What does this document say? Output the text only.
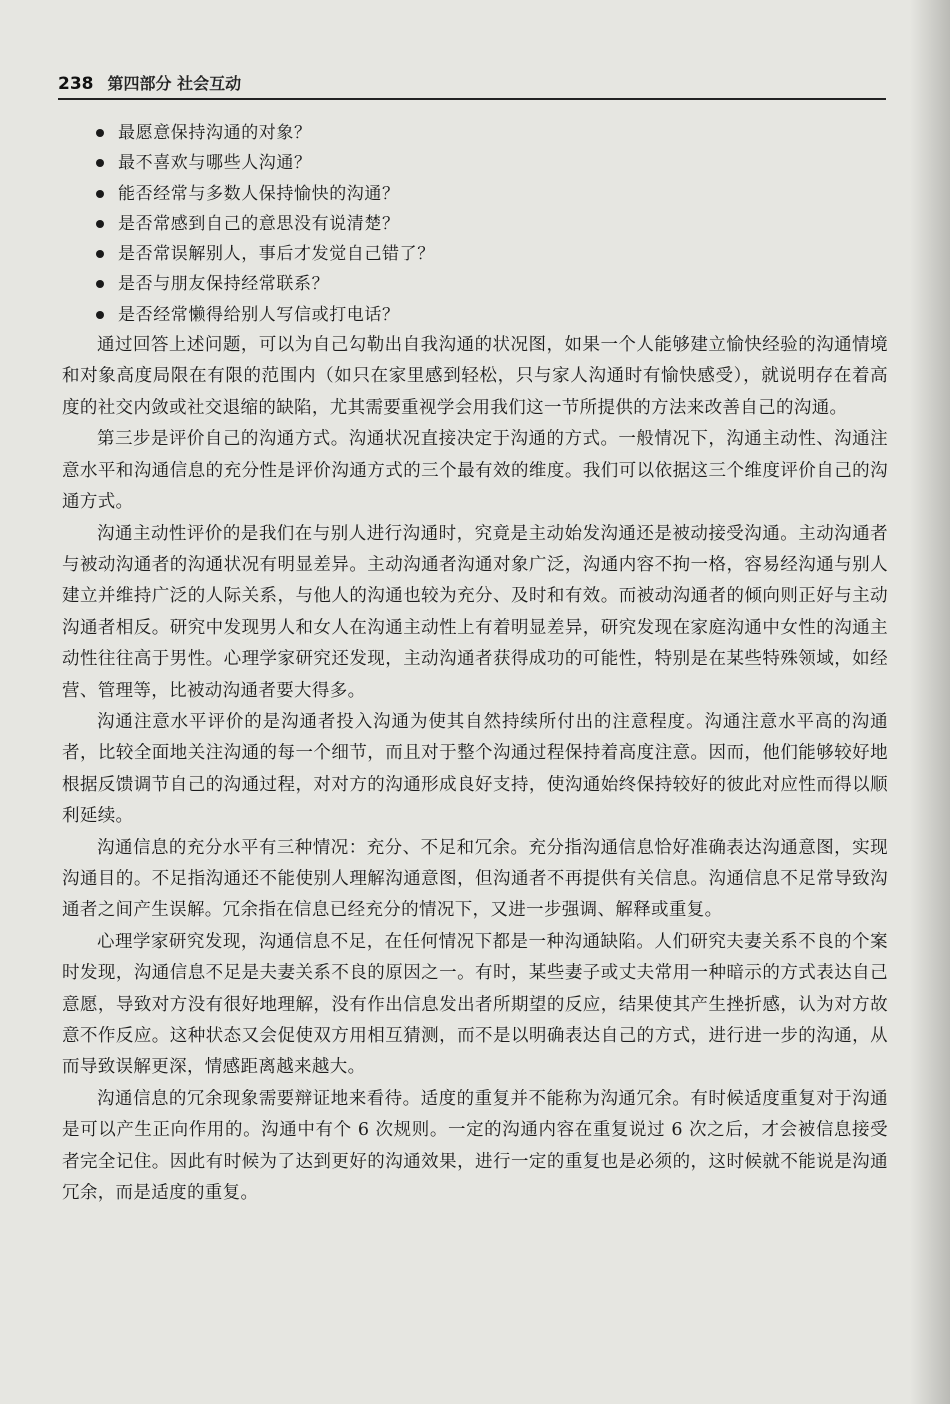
238 第四部分 社会互动
最愿意保持沟通的对象？
最不喜欢与哪些人沟通？
能否经常与多数人保持愉快的沟通？
是否常感到自己的意思没有说清楚？
是否常误解别人，事后才发觉自己错了？
是否与朋友保持经常联系？
是否经常懒得给别人写信或打电话？

通过回答上述问题，可以为自己勾勒出自我沟通的状况图，如果一个人能够建立愉快经验的沟通情境和对象高度局限在有限的范围内（如只在家里感到轻松，只与家人沟通时有愉快感受），就说明存在着高度的社交内敛或社交退缩的缺陷，尤其需要重视学会用我们这一节所提供的方法来改善自己的沟通。

第三步是评价自己的沟通方式。沟通状况直接决定于沟通的方式。一般情况下，沟通主动性、沟通注意水平和沟通信息的充分性是评价沟通方式的三个最有效的维度。我们可以依据这三个维度评价自己的沟通方式。

沟通主动性评价的是我们在与别人进行沟通时，究竟是主动始发沟通还是被动接受沟通。主动沟通者与被动沟通者的沟通状况有明显差异。主动沟通者沟通对象广泛，沟通内容不拘一格，容易经沟通与别人建立并维持广泛的人际关系，与他人的沟通也较为充分、及时和有效。而被动沟通者的倾向则正好与主动沟通者相反。研究中发现男人和女人在沟通主动性上有着明显差异，研究发现在家庭沟通中女性的沟通主动性往往高于男性。心理学家研究还发现，主动沟通者获得成功的可能性，特别是在某些特殊领域，如经营、管理等，比被动沟通者要大得多。

沟通注意水平评价的是沟通者投入沟通为使其自然持续所付出的注意程度。沟通注意水平高的沟通者，比较全面地关注沟通的每一个细节，而且对于整个沟通过程保持着高度注意。因而，他们能够较好地根据反馈调节自己的沟通过程，对对方的沟通形成良好支持，使沟通始终保持较好的彼此对应性而得以顺利延续。

沟通信息的充分水平有三种情况：充分、不足和冗余。充分指沟通信息恰好准确表达沟通意图，实现沟通目的。不足指沟通还不能使别人理解沟通意图，但沟通者不再提供有关信息。沟通信息不足常导致沟通者之间产生误解。冗余指在信息已经充分的情况下，又进一步强调、解释或重复。

心理学家研究发现，沟通信息不足，在任何情况下都是一种沟通缺陷。人们研究夫妻关系不良的个案时发现，沟通信息不足是夫妻关系不良的原因之一。有时，某些妻子或丈夫常用一种暗示的方式表达自己意愿，导致对方没有很好地理解，没有作出信息发出者所期望的反应，结果使其产生挫折感，认为对方故意不作反应。这种状态又会促使双方用相互猜测，而不是以明确表达自己的方式，进行进一步的沟通，从而导致误解更深，情感距离越来越大。

沟通信息的冗余现象需要辩证地来看待。适度的重复并不能称为沟通冗余。有时候适度重复对于沟通是可以产生正向作用的。沟通中有个 6 次规则。一定的沟通内容在重复说过 6 次之后，才会被信息接受者完全记住。因此有时候为了达到更好的沟通效果，进行一定的重复也是必须的，这时候就不能说是沟通冗余，而是适度的重复。
